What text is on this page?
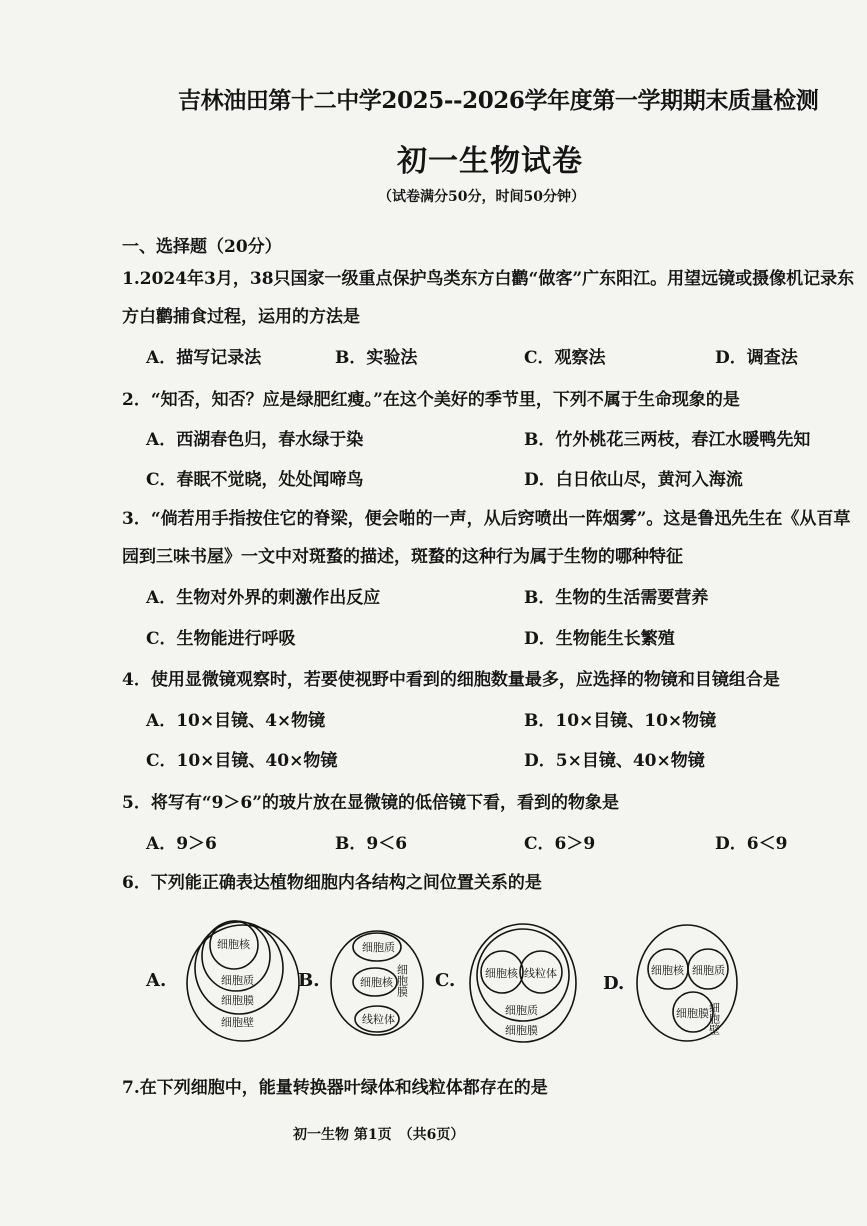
吉林油田第十二中学2025--2026学年度第一学期期末质量检测
初一生物试卷
（试卷满分50分，时间50分钟）
一、选择题（20分）
1.2024年3月，38只国家一级重点保护鸟类东方白鹳“做客”广东阳江。用望远镜或摄像机记录东
方白鹳捕食过程，运用的方法是
A．描写记录法	B．实验法	C．观察法	D．调查法
2．“知否，知否？应是绿肥红瘦。”在这个美好的季节里，下列不属于生命现象的是
A．西湖春色归，春水绿于染	B．竹外桃花三两枝，春江水暖鸭先知
C．春眠不觉晓，处处闻啼鸟	D．白日依山尽，黄河入海流
3．“倘若用手指按住它的脊梁，便会啪的一声，从后窍喷出一阵烟雾”。这是鲁迅先生在《从百草
园到三味书屋》一文中对斑蝥的描述，斑蝥的这种行为属于生物的哪种特征
A．生物对外界的刺激作出反应	B．生物的生活需要营养
C．生物能进行呼吸	D．生物能生长繁殖
4．使用显微镜观察时，若要使视野中看到的细胞数量最多，应选择的物镜和目镜组合是
A．10×目镜、4×物镜	B．10×目镜、10×物镜
C．10×目镜、40×物镜	D．5×目镜、40×物镜
5．将写有“9＞6”的玻片放在显微镜的低倍镜下看，看到的物象是
A．9＞6	B．9＜6	C．6＞9	D．6＜9
6．下列能正确表达植物细胞内各结构之间位置关系的是
A.	B.	C.	D.
细胞核
细胞质
细胞膜
细胞壁
细胞质
细胞核
线粒体
细胞膜	细胞核 线粒体
细胞质
细胞膜
细胞核 细胞质
细胞膜
细胞壁
7.在下列细胞中，能量转换器叶绿体和线粒体都存在的是
初一生物 第1页　（共6页）
